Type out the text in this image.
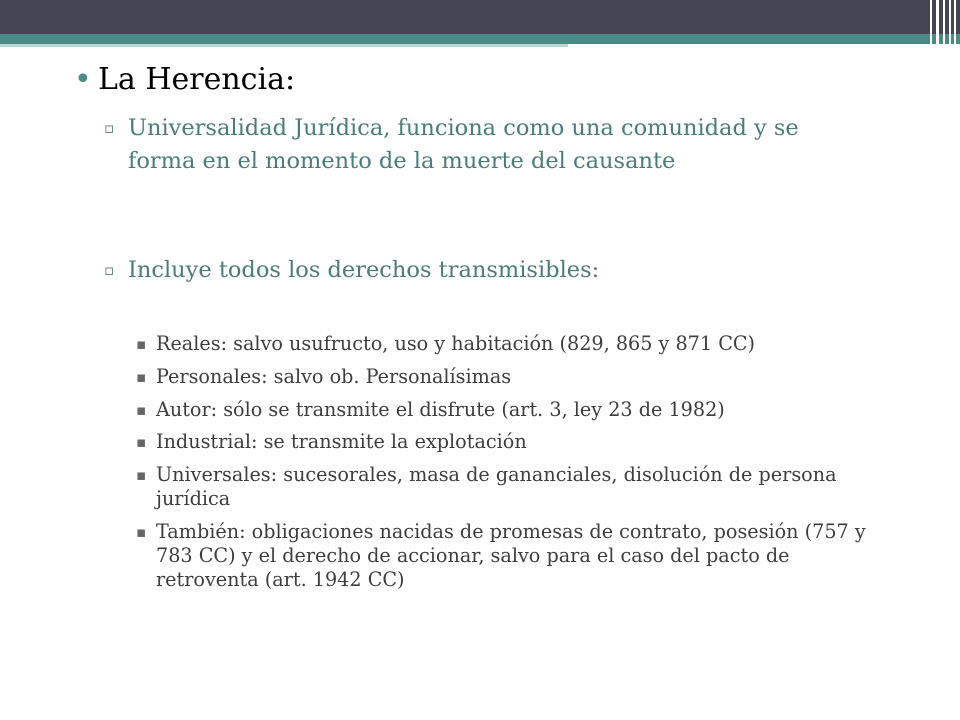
• La Herencia:

▫ Universalidad Jurídica, funciona como una comunidad y se forma en el momento de la muerte del causante

▫ Incluye todos los derechos transmisibles:

▪ Reales: salvo usufructo, uso y habitación (829, 865 y 871 CC)

▪ Personales: salvo ob. Personalísimas

▪ Autor: sólo se transmite el disfrute (art. 3, ley 23 de 1982)

▪ Industrial: se transmite la explotación

▪ Universales: sucesorales, masa de gananciales, disolución de persona jurídica

▪ También: obligaciones nacidas de promesas de contrato, posesión (757 y 783 CC) y el derecho de accionar, salvo para el caso del pacto de retroventa (art. 1942 CC)
